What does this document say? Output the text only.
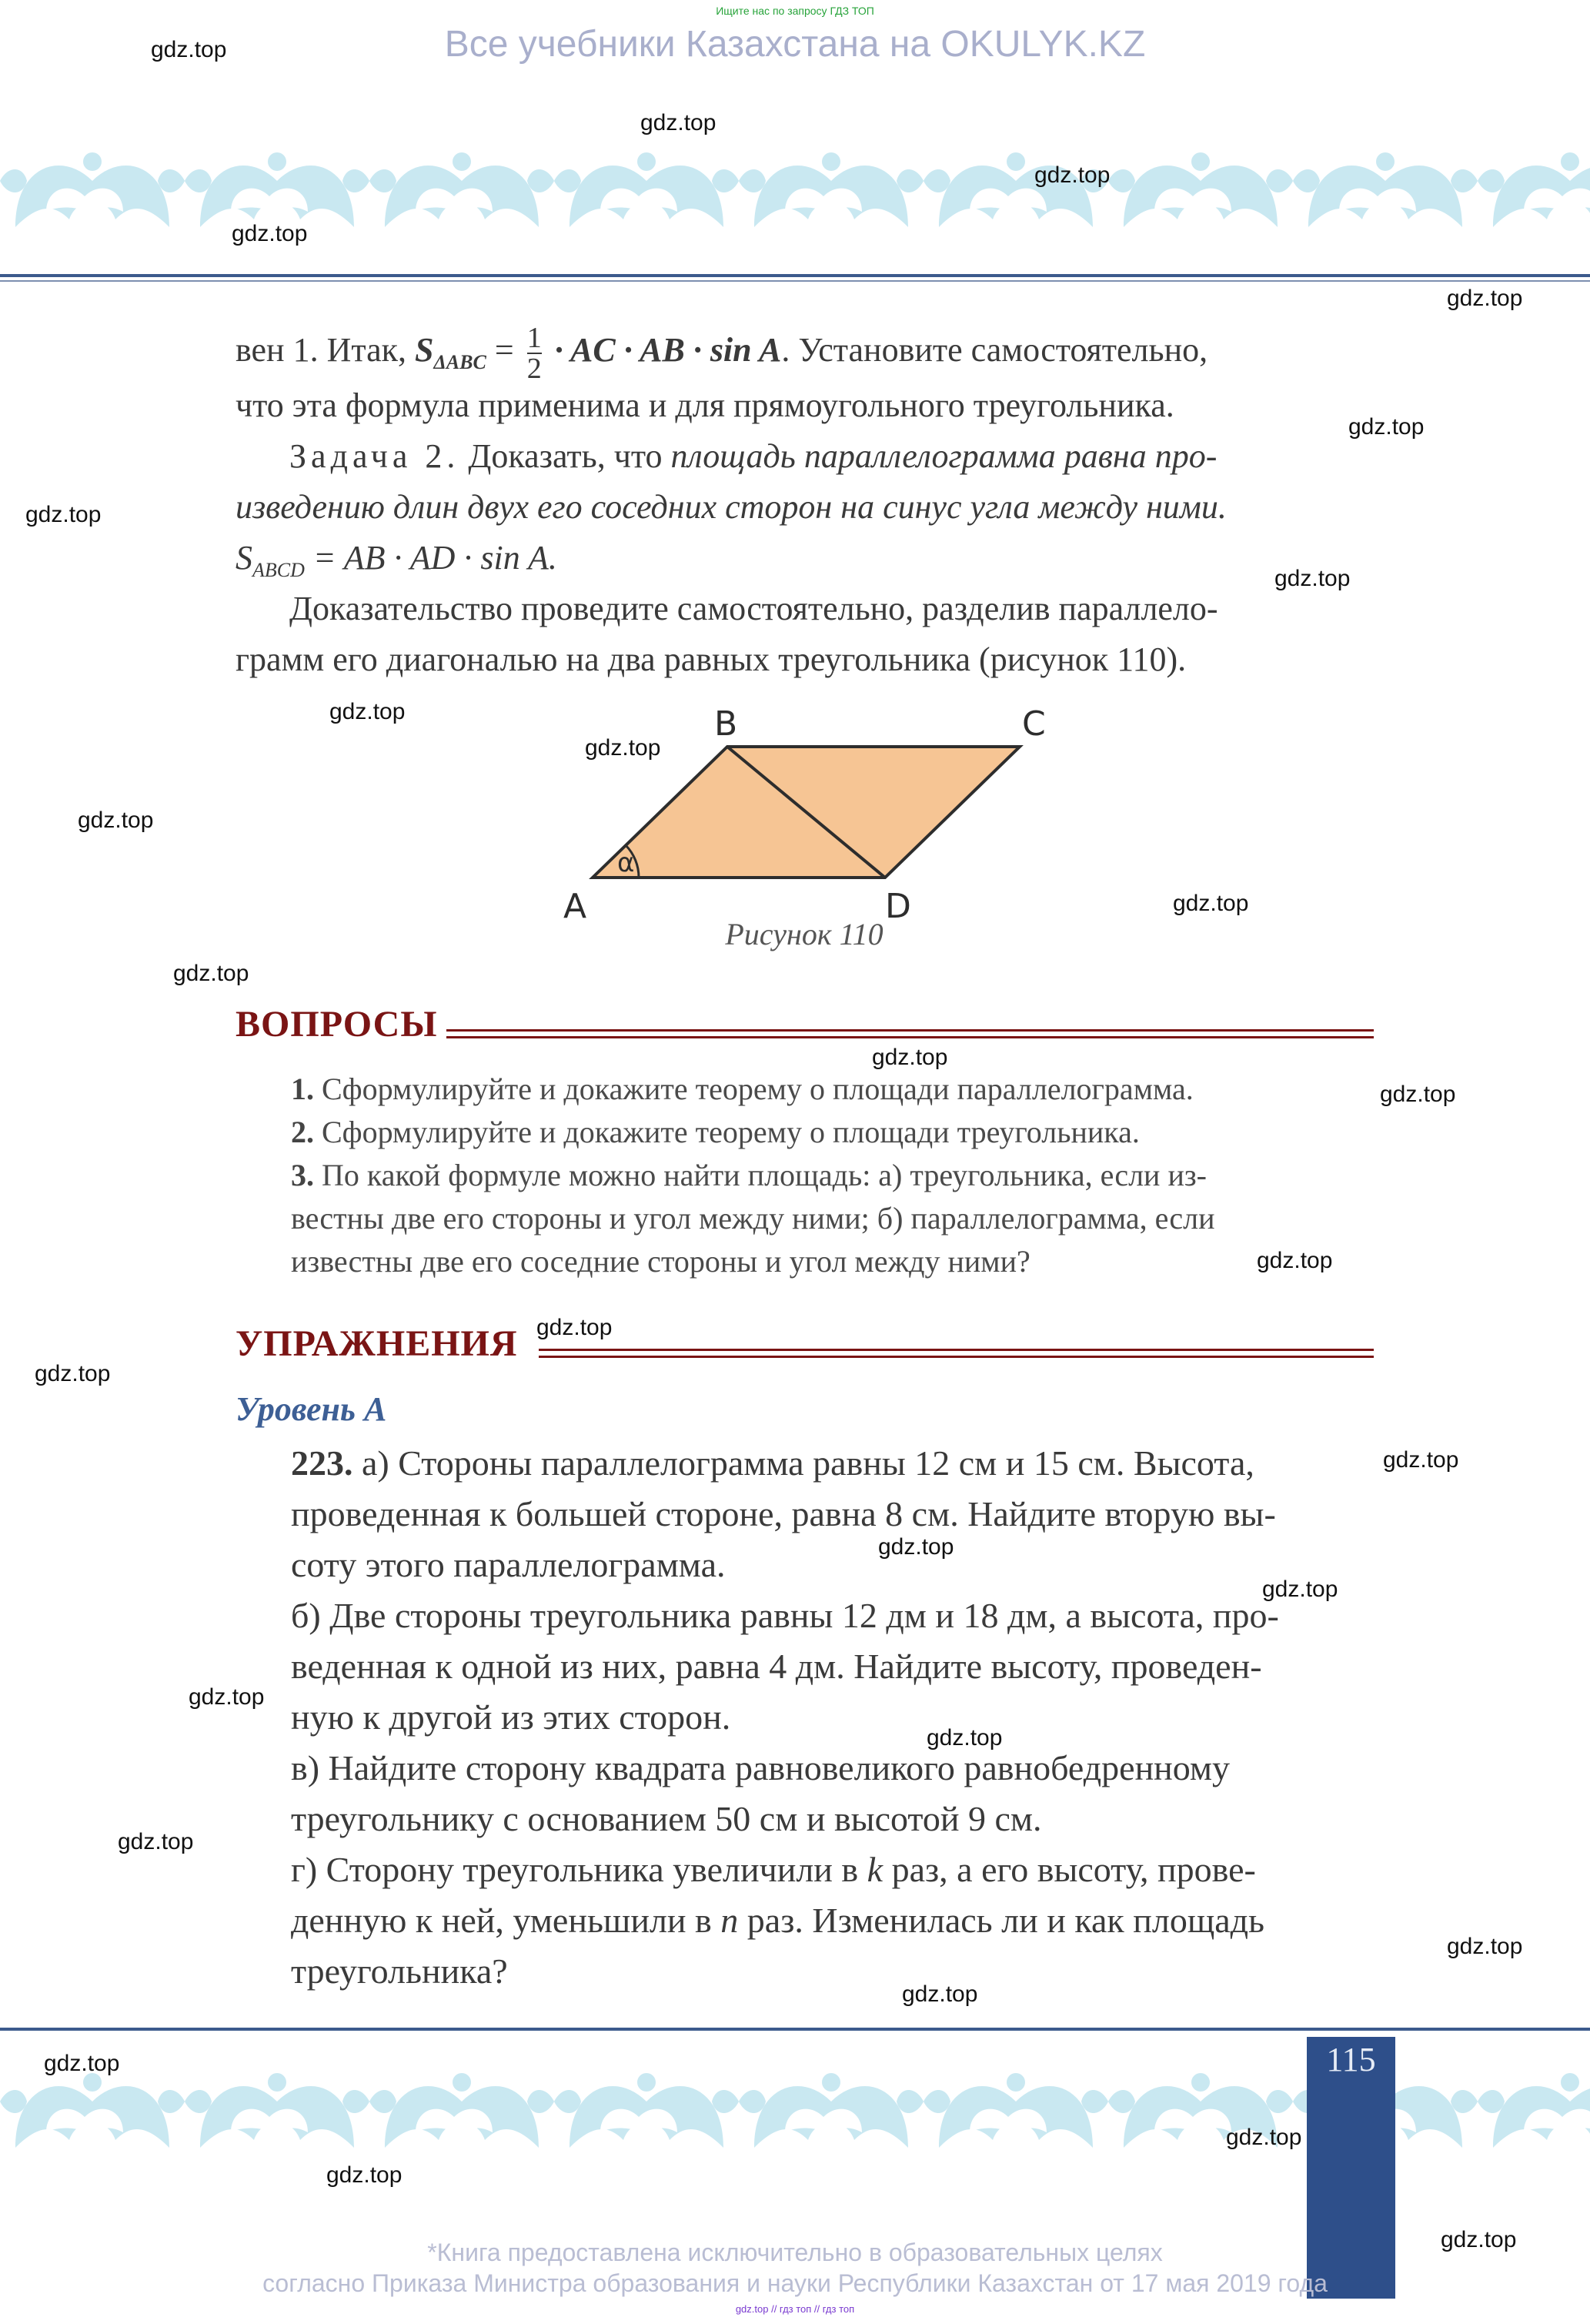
Ищите нас по запросу ГДЗ ТОП
Все учебники Казахстана на OKULYK.KZ
вен 1. Итак, $S_{\Delta ABC} = \frac{1}{2}$ · AC · AB · sin A. Установите самостоятельно,
что эта формула применима и для прямоугольного треугольника.
Задача 2. Доказать, что площадь параллелограмма равна про-
изведению длин двух его соседних сторон на синус угла между ними.
$S_{ABCD}$ = AB · AD · sin A.
Доказательство проведите самостоятельно, разделив параллело-
грамм его диагональю на два равных треугольника (рисунок 110).
α
A
B	C
D
Рисунок 110
ВОПРОСЫ
1. Сформулируйте и докажите теорему о площади параллелограмма.
2. Сформулируйте и докажите теорему о площади треугольника.
3. По какой формуле можно найти площадь: а) треугольника, если из-
вестны две его стороны и угол между ними; б) параллелограмма, если
известны две его соседние стороны и угол между ними?
УПРАЖНЕНИЯ
Уровень А
223. а) Стороны параллелограмма равны 12 см и 15 см. Высота,
проведенная к большей стороне, равна 8 см. Найдите вторую вы-
соту этого параллелограмма.
б) Две стороны треугольника равны 12 дм и 18 дм, а высота, про-
веденная к одной из них, равна 4 дм. Найдите высоту, проведен-
ную к другой из этих сторон.
в) Найдите сторону квадрата равновеликого равнобедренному
треугольнику с основанием 50 см и высотой 9 см.
г) Сторону треугольника увеличили в k раз, а его высоту, прове-
денную к ней, уменьшили в n раз. Изменилась ли и как площадь
треугольника?
115
*Книга предоставлена исключительно в образовательных целях
согласно Приказа Министра образования и науки Республики Казахстан от 17 мая 2019 года
gdz.top // гдз топ // гдз топ
gdz.top
gdz.top
gdz.top
gdz.top
gdz.top
gdz.top
gdz.top
gdz.top
gdz.top
gdz.top
gdz.top
gdz.top
gdz.top
gdz.top
gdz.top
gdz.top
gdz.top
gdz.top
gdz.top
gdz.top
gdz.top
gdz.top
gdz.top
gdz.top
gdz.top
gdz.top
gdz.top
gdz.top
gdz.top
gdz.top
